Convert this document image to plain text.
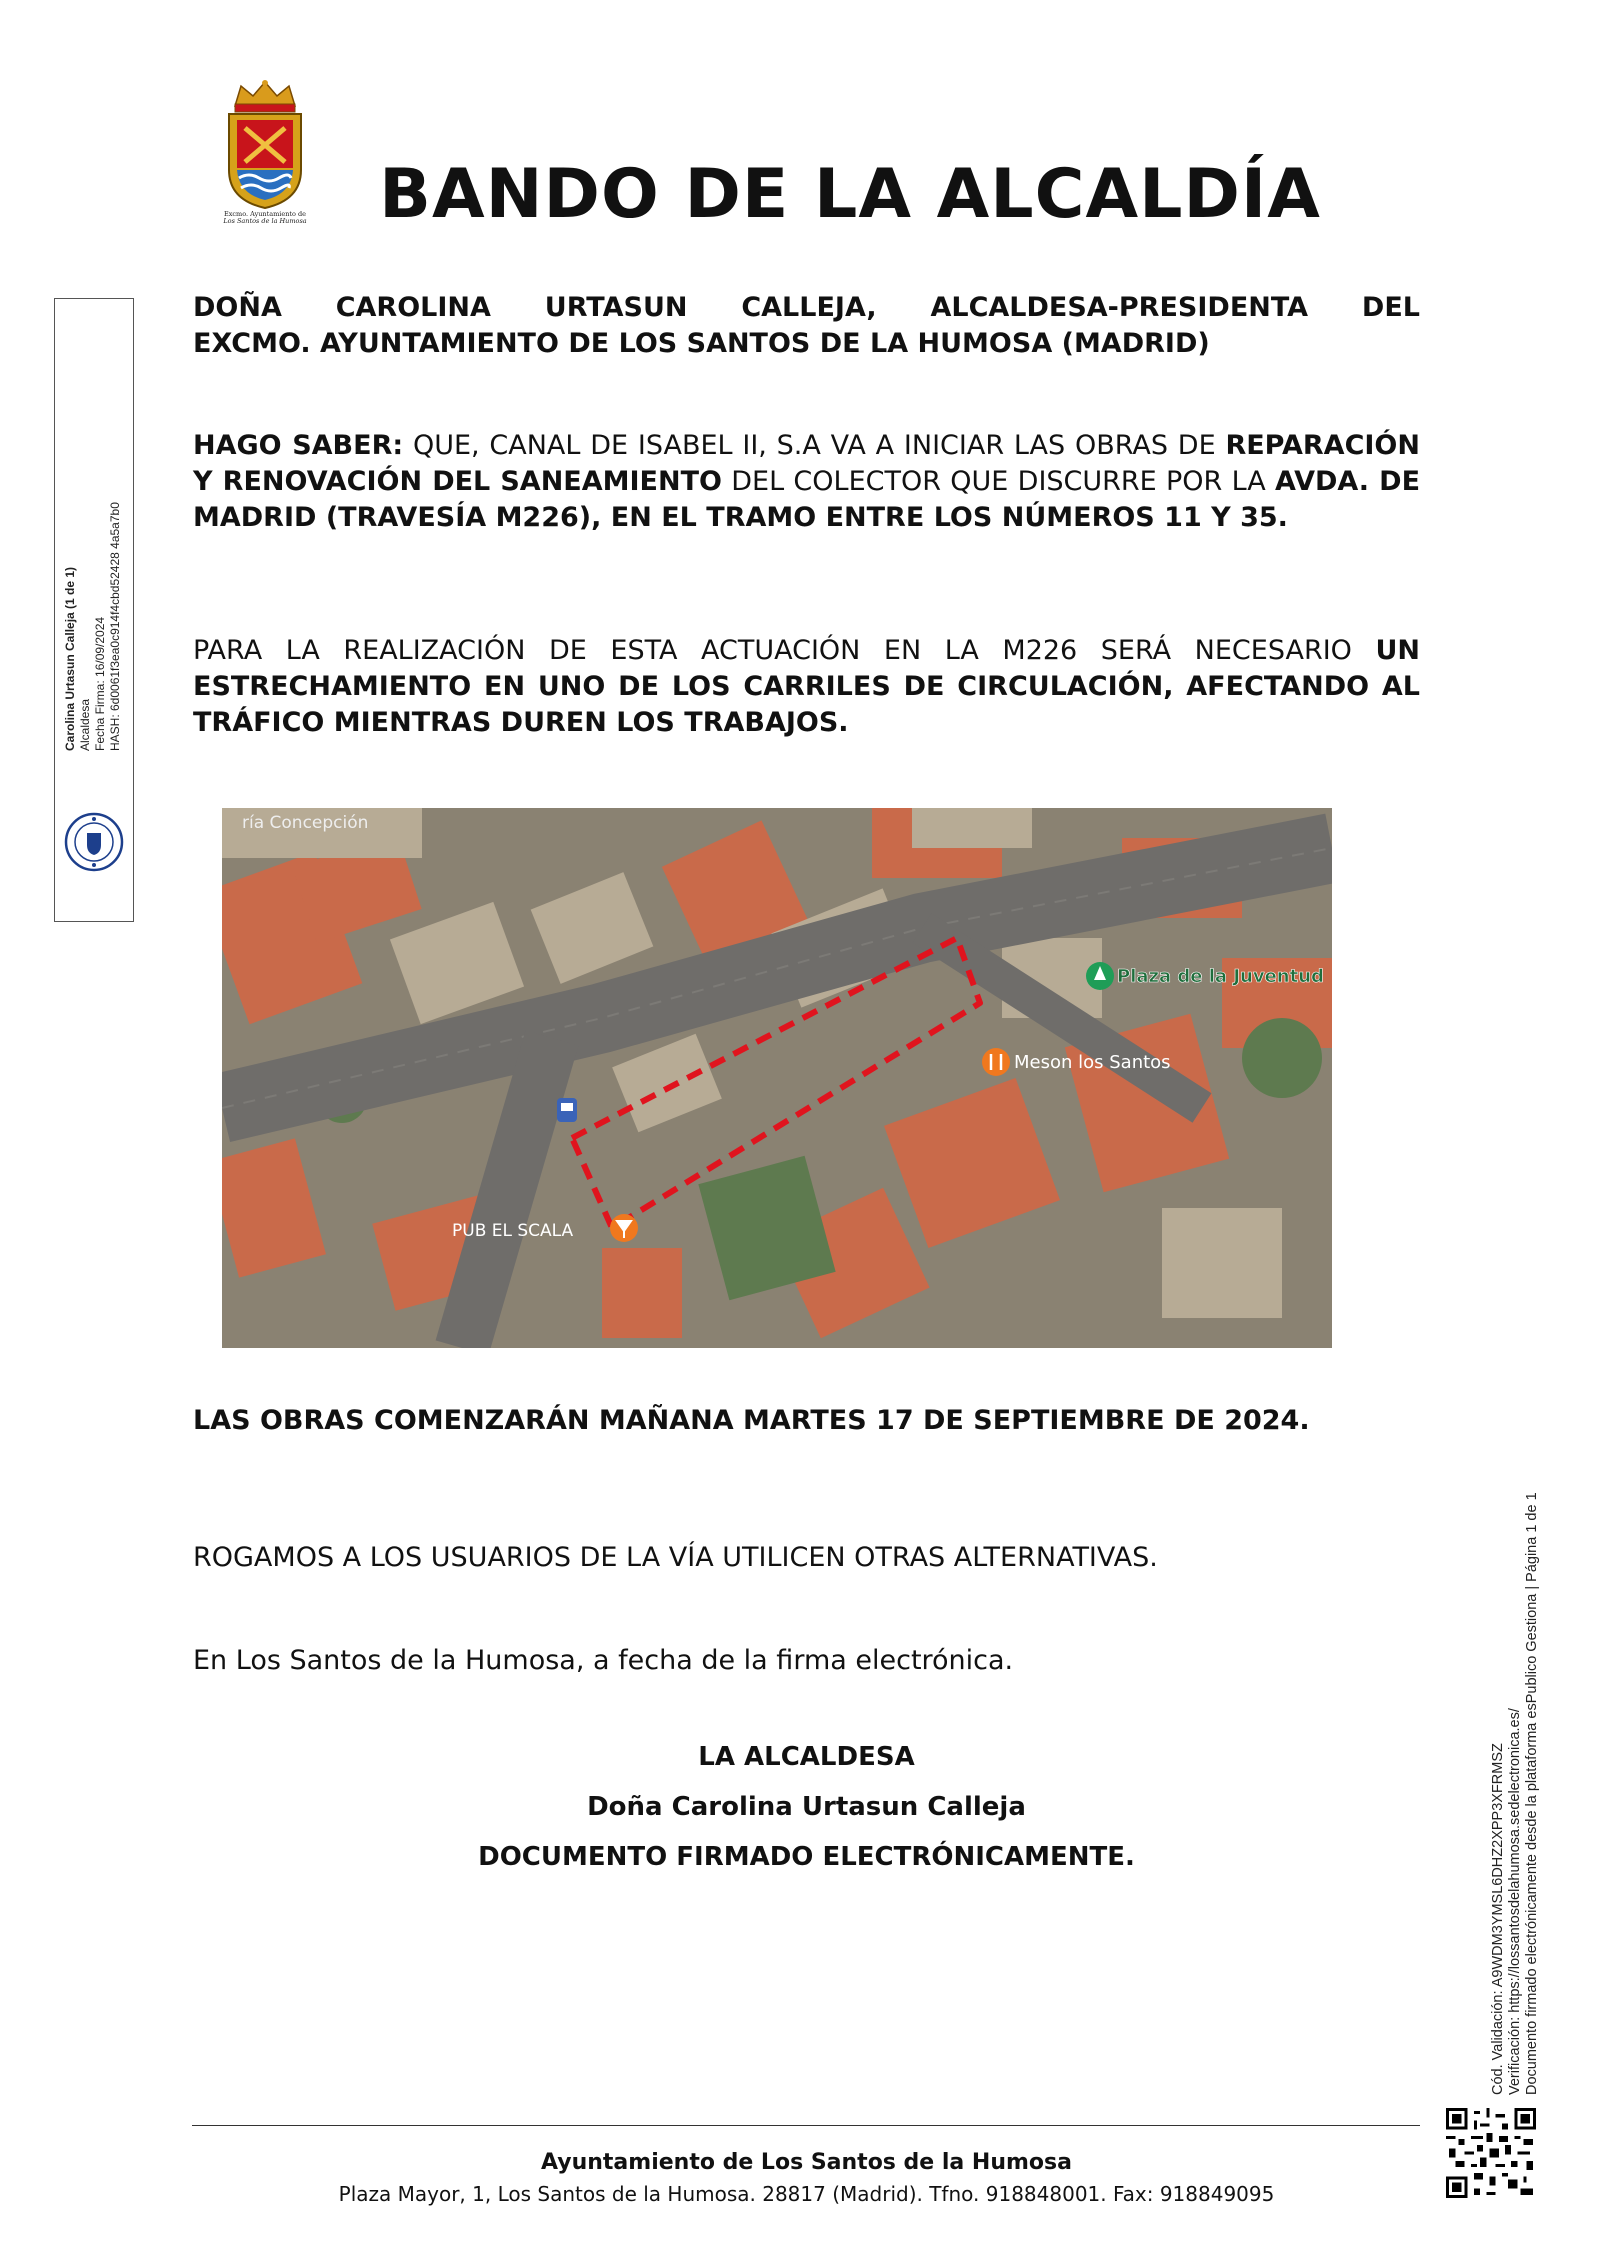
Excmo. Ayuntamiento de
Los Santos de la Humosa	BANDO DE LA ALCALDÍA
Carolina Urtasun Calleja (1 de 1) Alcaldesa Fecha Firma: 16/09/2024 HASH: 6d0061f3ea0c914f4cbd52428 4a5a7b0
DOÑA CAROLINA URTASUN CALLEJA, ALCALDESA-PRESIDENTA DEL
EXCMO. AYUNTAMIENTO DE LOS SANTOS DE LA HUMOSA (MADRID)
HAGO SABER: QUE, CANAL DE ISABEL II, S.A VA A INICIAR LAS OBRAS DE REPARACIÓN Y RENOVACIÓN DEL SANEAMIENTO DEL COLECTOR QUE DISCURRE POR LA AVDA. DE MADRID (TRAVESÍA M226), EN EL TRAMO ENTRE LOS NÚMEROS 11 Y 35.
PARA LA REALIZACIÓN DE ESTA ACTUACIÓN EN LA M226 SERÁ NECESARIO UN ESTRECHAMIENTO EN UNO DE LOS CARRILES DE CIRCULACIÓN, AFECTANDO AL TRÁFICO MIENTRAS DUREN LOS TRABAJOS.
ría Concepción
Plaza de la Juventud
Meson los Santos
PUB EL SCALA
LAS OBRAS COMENZARÁN MAÑANA MARTES 17 DE SEPTIEMBRE DE 2024.
ROGAMOS A LOS USUARIOS DE LA VÍA UTILICEN OTRAS ALTERNATIVAS.
En Los Santos de la Humosa, a fecha de la firma electrónica.
LA ALCALDESA
Doña Carolina Urtasun Calleja
DOCUMENTO FIRMADO ELECTRÓNICAMENTE.
Ayuntamiento de Los Santos de la Humosa
Plaza Mayor, 1, Los Santos de la Humosa. 28817 (Madrid). Tfno. 918848001. Fax: 918849095
Cód. Validación: A9WDM3YMSL6DHZ2XPP3XFRMSZ Verificación: https://lossantosdelahumosa.sedelectronica.es/ Documento firmado electrónicamente desde la plataforma esPublico Gestiona | Página 1 de 1
